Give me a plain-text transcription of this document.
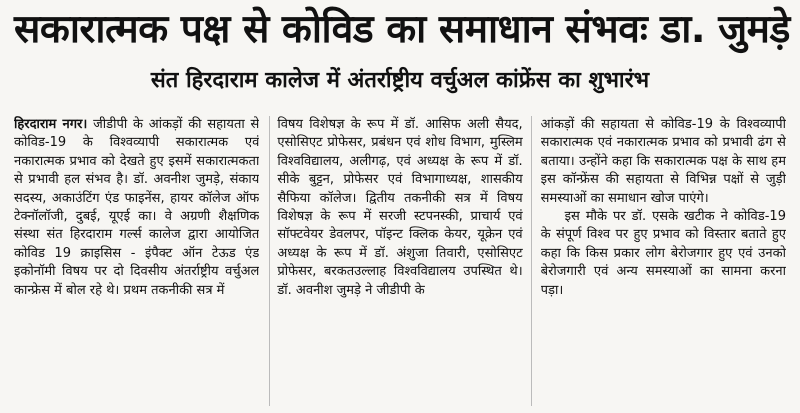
सकारात्मक पक्ष से कोविड का समाधान संभवः डा. जुमड़े
संत हिरदाराम कालेज में अंतर्राष्ट्रीय वर्चुअल कांफ्रेंस का शुभारंभ

हिरदाराम नगर। जीडीपी के आंकड़ों की सहायता से कोविड-19 के विश्वव्यापी सकारात्मक एवं नकारात्मक प्रभाव को देखते हुए इसमें सकारात्मकता से प्रभावी हल संभव है। डॉ. अवनीश जुमड़े, संकाय सदस्य, अकाउंटिंग एंड फाइनेंस, हायर कॉलेज ऑफ टेक्नॉलॉजी, दुबई, यूएई का। वे अग्रणी शैक्षणिक संस्था संत हिरदाराम गर्ल्स कालेज द्वारा आयोजित कोविड 19 क्राइसिस - इंपैक्ट ऑन टेऊड एंड इकोनॉमी विषय पर दो दिवसीय अंतर्राष्ट्रीय वर्चुअल कान्फ्रेस में बोल रहे थे। प्रथम तकनीकी सत्र में

विषय विशेषज्ञ के रूप में डॉ. आसिफ अली सैयद, एसोसिएट प्रोफेसर, प्रबंधन एवं शोध विभाग, मुस्लिम विश्वविद्यालय, अलीगढ़, एवं अध्यक्ष के रूप में डॉ. सीके बुट्टन, प्रोफेसर एवं विभागाध्यक्ष, शासकीय सैफिया कॉलेज। द्वितीय तकनीकी सत्र में विषय विशेषज्ञ के रूप में सरजी स्टपनस्की, प्राचार्य एवं सॉफ्टवेयर डेवलपर, पॉइन्ट क्लिक केयर, यूक्रेन एवं अध्यक्ष के रूप में डॉ. अंशुजा तिवारी, एसोसिएट प्रोफेसर, बरकतउल्लाह विश्वविद्यालय उपस्थित थे। डॉ. अवनीश जुमड़े ने जीडीपी के

आंकड़ों की सहायता से कोविड-19 के विश्वव्यापी सकारात्मक एवं नकारात्मक प्रभाव को प्रभावी ढंग से बताया। उन्होंने कहा कि सकारात्मक पक्ष के साथ हम इस कॉन्फ्रेंस की सहायता से विभिन्न पक्षों से जुड़ी समस्याओं का समाधान खोज पाएंगे।

इस मौके पर डॉ. एसके खटीक ने कोविड-19 के संपूर्ण विश्व पर हुए प्रभाव को विस्तार बताते हुए कहा कि किस प्रकार लोग बेरोजगार हुए एवं उनको बेरोजगारी एवं अन्य समस्याओं का सामना करना पड़ा।
